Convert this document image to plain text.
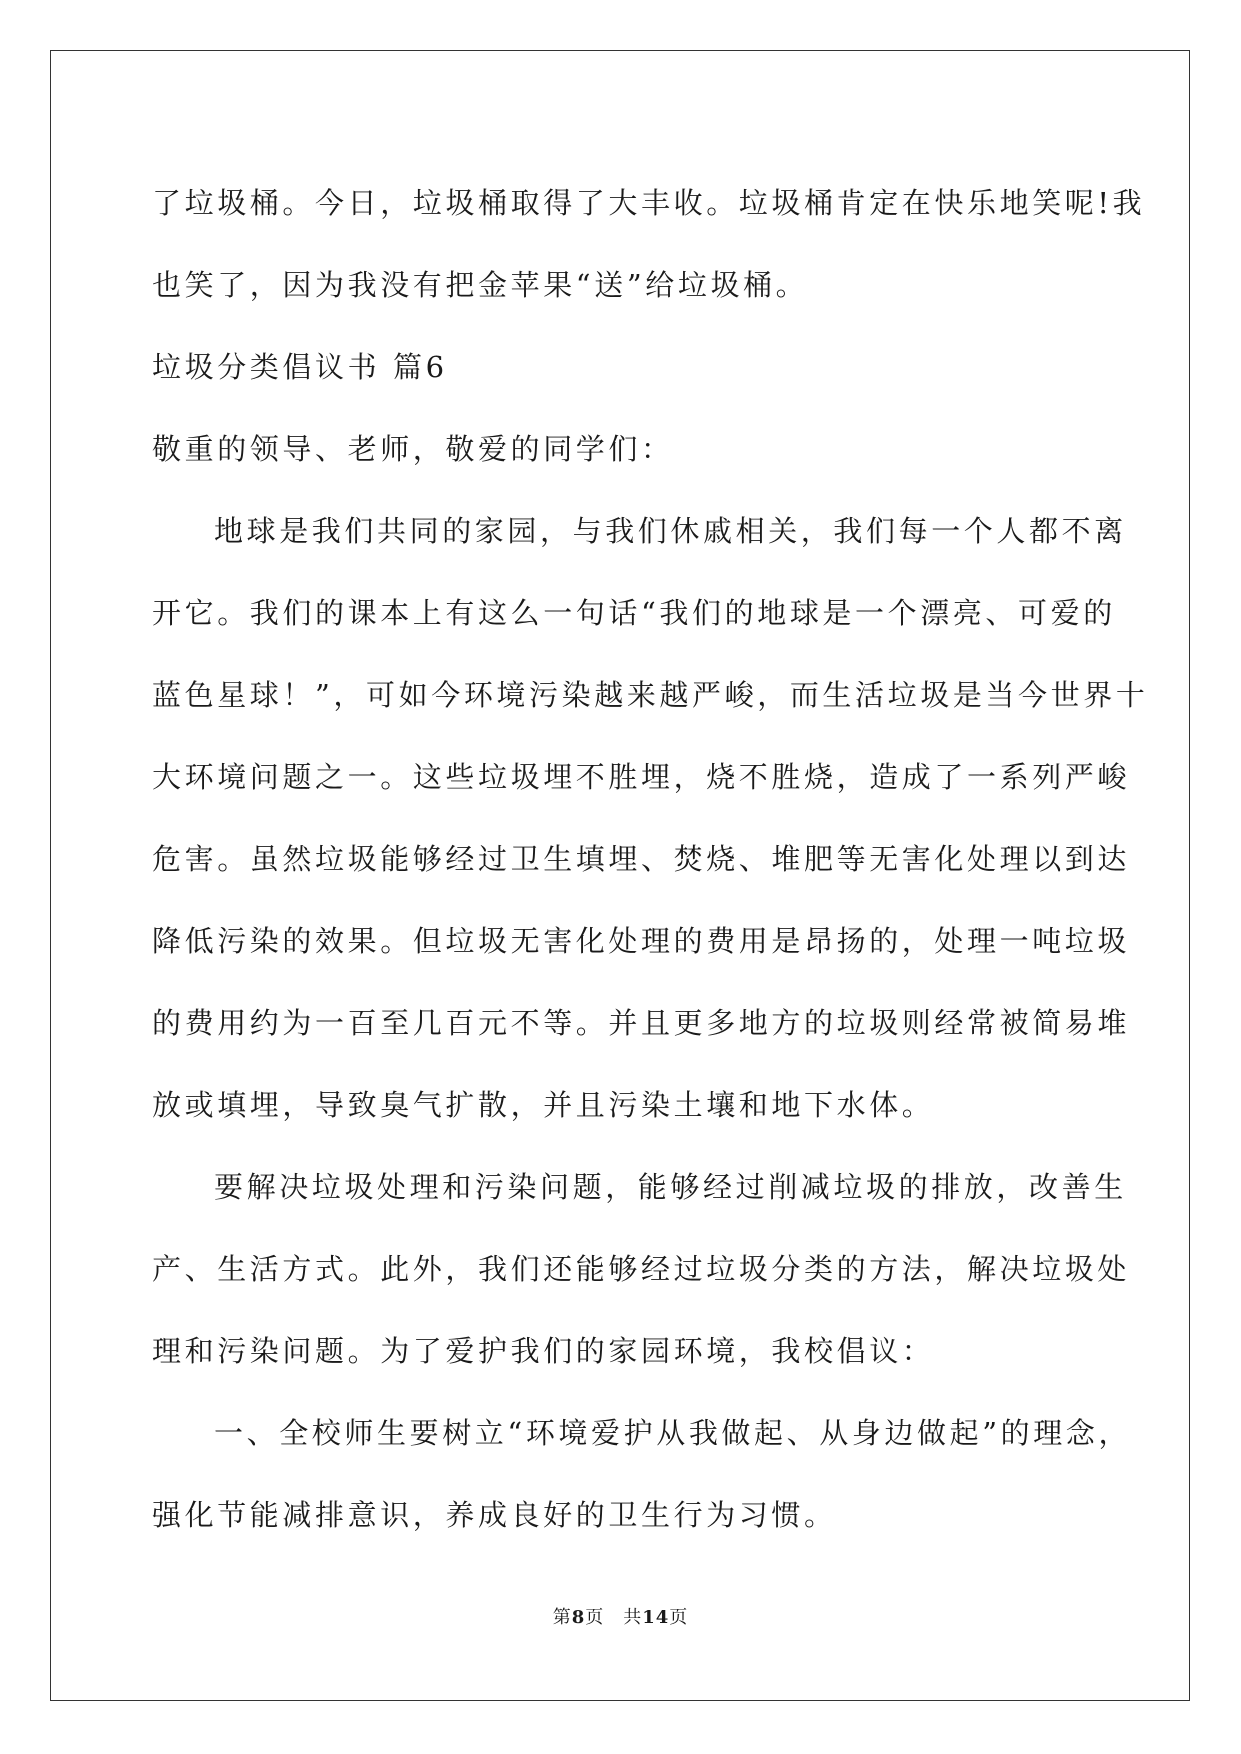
了垃圾桶。今日，垃圾桶取得了大丰收。垃圾桶肯定在快乐地笑呢!我
也笑了，因为我没有把金苹果“送”给垃圾桶。
垃圾分类倡议书 篇6
敬重的领导、老师，敬爱的同学们：
地球是我们共同的家园，与我们休戚相关，我们每一个人都不离
开它。我们的课本上有这么一句话“我们的地球是一个漂亮、可爱的
蓝色星球！”，可如今环境污染越来越严峻，而生活垃圾是当今世界十
大环境问题之一。这些垃圾埋不胜埋，烧不胜烧，造成了一系列严峻
危害。虽然垃圾能够经过卫生填埋、焚烧、堆肥等无害化处理以到达
降低污染的效果。但垃圾无害化处理的费用是昂扬的，处理一吨垃圾
的费用约为一百至几百元不等。并且更多地方的垃圾则经常被简易堆
放或填埋，导致臭气扩散，并且污染土壤和地下水体。
要解决垃圾处理和污染问题，能够经过削减垃圾的排放，改善生
产、生活方式。此外，我们还能够经过垃圾分类的方法，解决垃圾处
理和污染问题。为了爱护我们的家园环境，我校倡议：
一、全校师生要树立“环境爱护从我做起、从身边做起”的理念，
强化节能减排意识，养成良好的卫生行为习惯。
第8页　共14页
